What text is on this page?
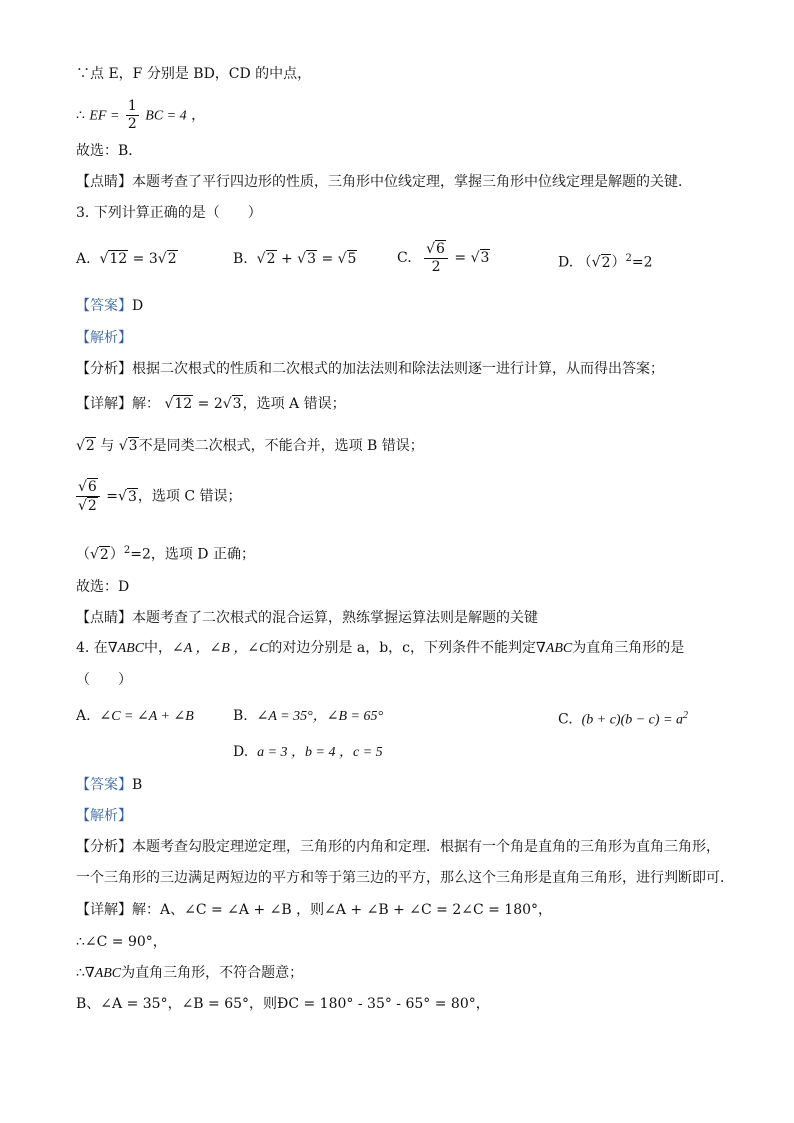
∵点 E，F 分别是 BD，CD 的中点，
∴ EF = $\frac{1}{2}$ BC = 4 ，
故选：B．
【点睛】本题考查了平行四边形的性质，三角形中位线定理，掌握三角形中位线定理是解题的关键．
3. 下列计算正确的是（　　）
A. √12 = 3√2	B. √2 + √3 = √5	C. $\frac{√6}{2} = √3$	D. $(√2)^2=2$
【答案】D
【解析】
【分析】根据二次根式的性质和二次根式的加法法则和除法法则逐一进行计算，从而得出答案；
【详解】解： √12 = 2√3，选项 A 错误；
√2 与 √3不是同类二次根式，不能合并，选项 B 错误；
$\frac{√6}{√2} =√3$，选项 C 错误；
$(√2)^2=2$，选项 D 正确；
故选：D
【点睛】本题考查了二次根式的混合运算，熟练掌握运算法则是解题的关键
4. 在∇ABC中，∠A ，∠B ，∠C的对边分别是 a，b，c，下列条件不能判定∇ABC为直角三角形的是
（　　）
A. ∠C = ∠A + ∠B	B. ∠A = 35°，∠B = 65°	C. $(b + c)(b - c) = a^2$
D. a = 3 ，b = 4 ，c = 5
【答案】B
【解析】
【分析】本题考查勾股定理逆定理，三角形的内角和定理．根据有一个角是直角的三角形为直角三角形，
一个三角形的三边满足两短边的平方和等于第三边的平方，那么这个三角形是直角三角形，进行判断即可．
【详解】解：A、∠C = ∠A + ∠B ，则∠A + ∠B + ∠C = 2∠C = 180°，
∴∠C = 90°，
∴∇ABC为直角三角形，不符合题意；
B、∠A = 35°，∠B = 65°，则ÐC = 180° - 35° - 65° = 80°，
